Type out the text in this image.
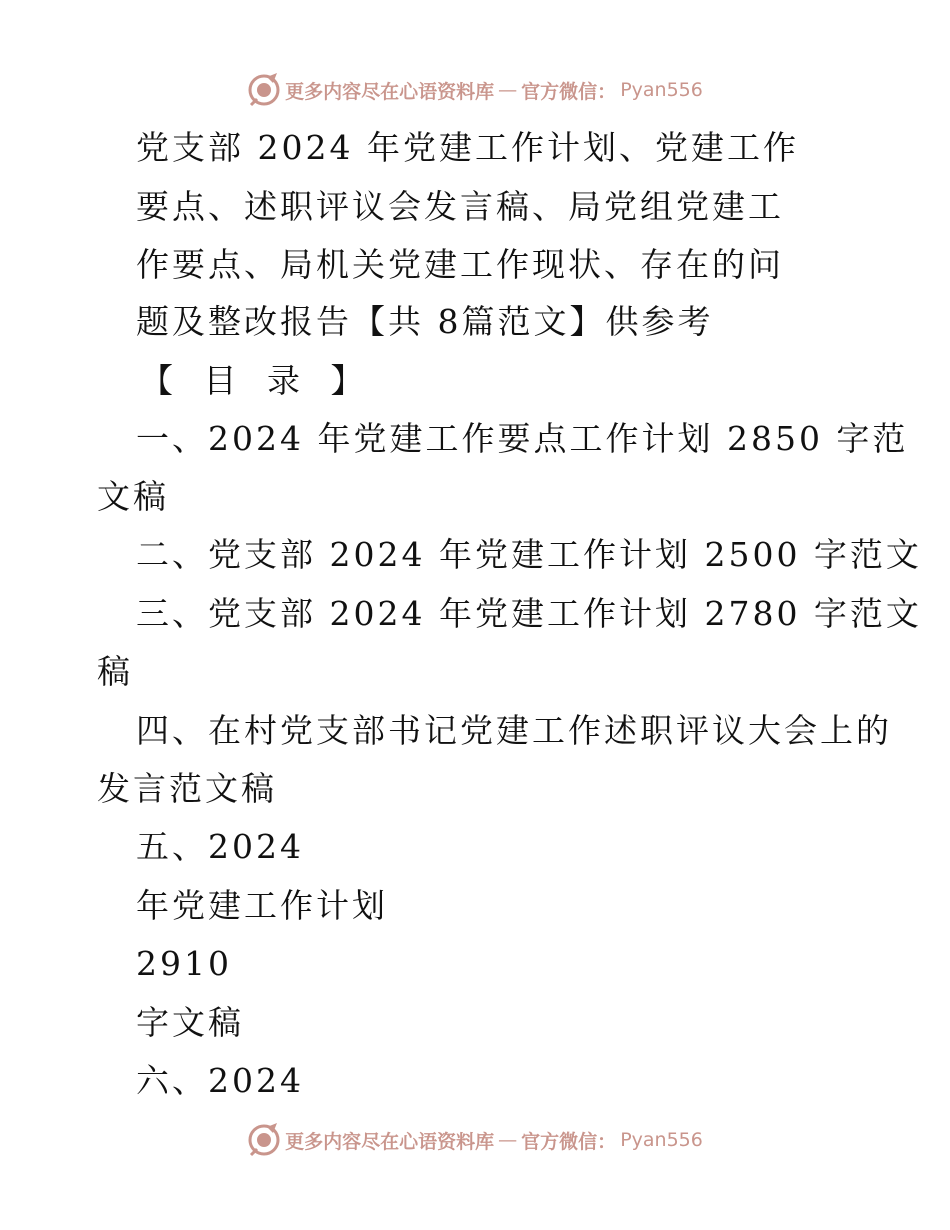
更多内容尽在心语资料库 — 官方微信： Pyan556
党支部 2024 年党建工作计划、党建工作
要点、述职评议会发言稿、局党组党建工
作要点、局机关党建工作现状、存在的问
题及整改报告【共 8篇范文】供参考
【 目 录 】
一、2024 年党建工作要点工作计划 2850 字范
文稿
二、党支部 2024 年党建工作计划 2500 字范文
三、党支部 2024 年党建工作计划 2780 字范文
稿
四、在村党支部书记党建工作述职评议大会上的
发言范文稿
五、2024
年党建工作计划
2910
字文稿
六、2024
更多内容尽在心语资料库 — 官方微信： Pyan556
